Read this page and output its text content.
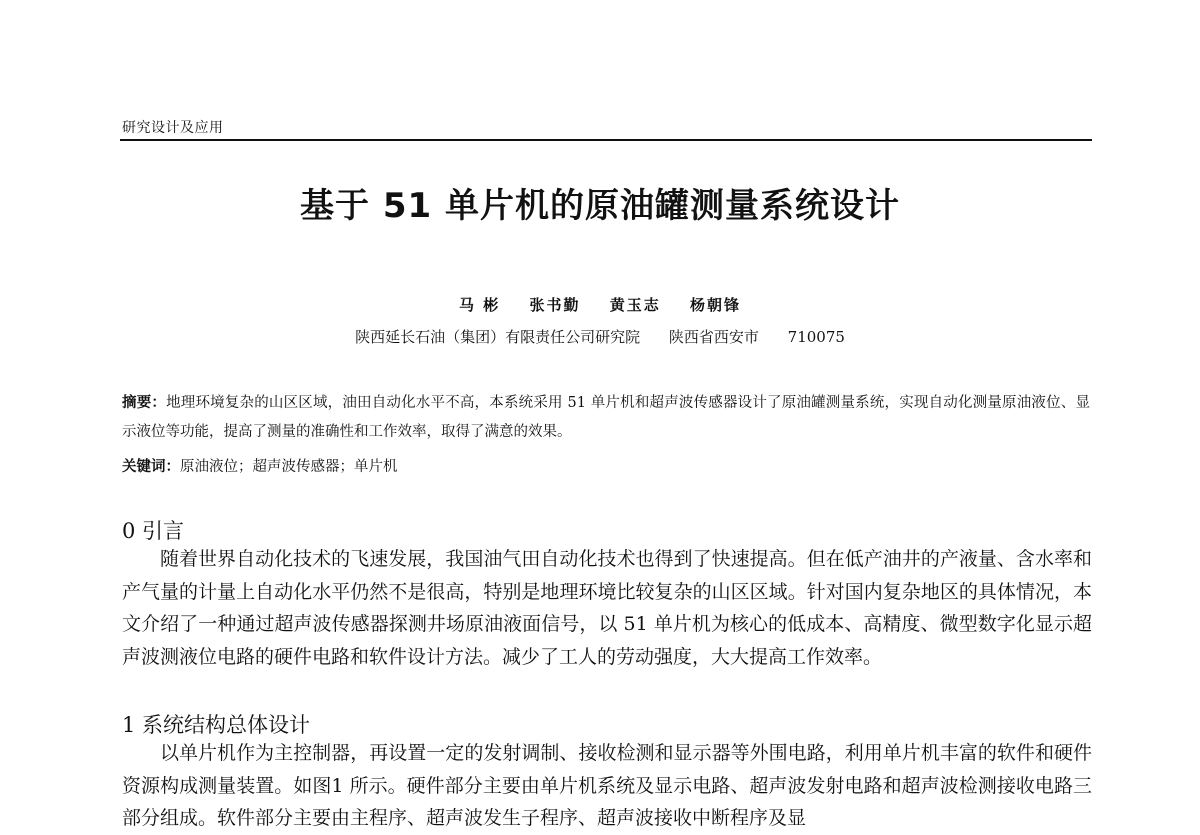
研究设计及应用
基于 51 单片机的原油罐测量系统设计
马 彬 张书勤 黄玉志 杨朝锋
陕西延长石油（集团）有限责任公司研究院 陕西省西安市 710075
摘要：地理环境复杂的山区区域，油田自动化水平不高，本系统采用 51 单片机和超声波传感器设计了原油罐测量系统，实现自动化测量原油液位、显示液位等功能，提高了测量的准确性和工作效率，取得了满意的效果。
关键词：原油液位；超声波传感器；单片机
0 引言

随着世界自动化技术的飞速发展，我国油气田自动化技术也得到了快速提高。但在低产油井的产液量、含水率和产气量的计量上自动化水平仍然不是很高，特别是地理环境比较复杂的山区区域。针对国内复杂地区的具体情况，本文介绍了一种通过超声波传感器探测井场原油液面信号，以 51 单片机为核心的低成本、高精度、微型数字化显示超声波测液位电路的硬件电路和软件设计方法。减少了工人的劳动强度，大大提高工作效率。

1 系统结构总体设计

以单片机作为主控制器，再设置一定的发射调制、接收检测和显示器等外围电路，利用单片机丰富的软件和硬件资源构成测量装置。如图1 所示。硬件部分主要由单片机系统及显示电路、超声波发射电路和超声波检测接收电路三部分组成。软件部分主要由主程序、超声波发生子程序、超声波接收中断程序及显
